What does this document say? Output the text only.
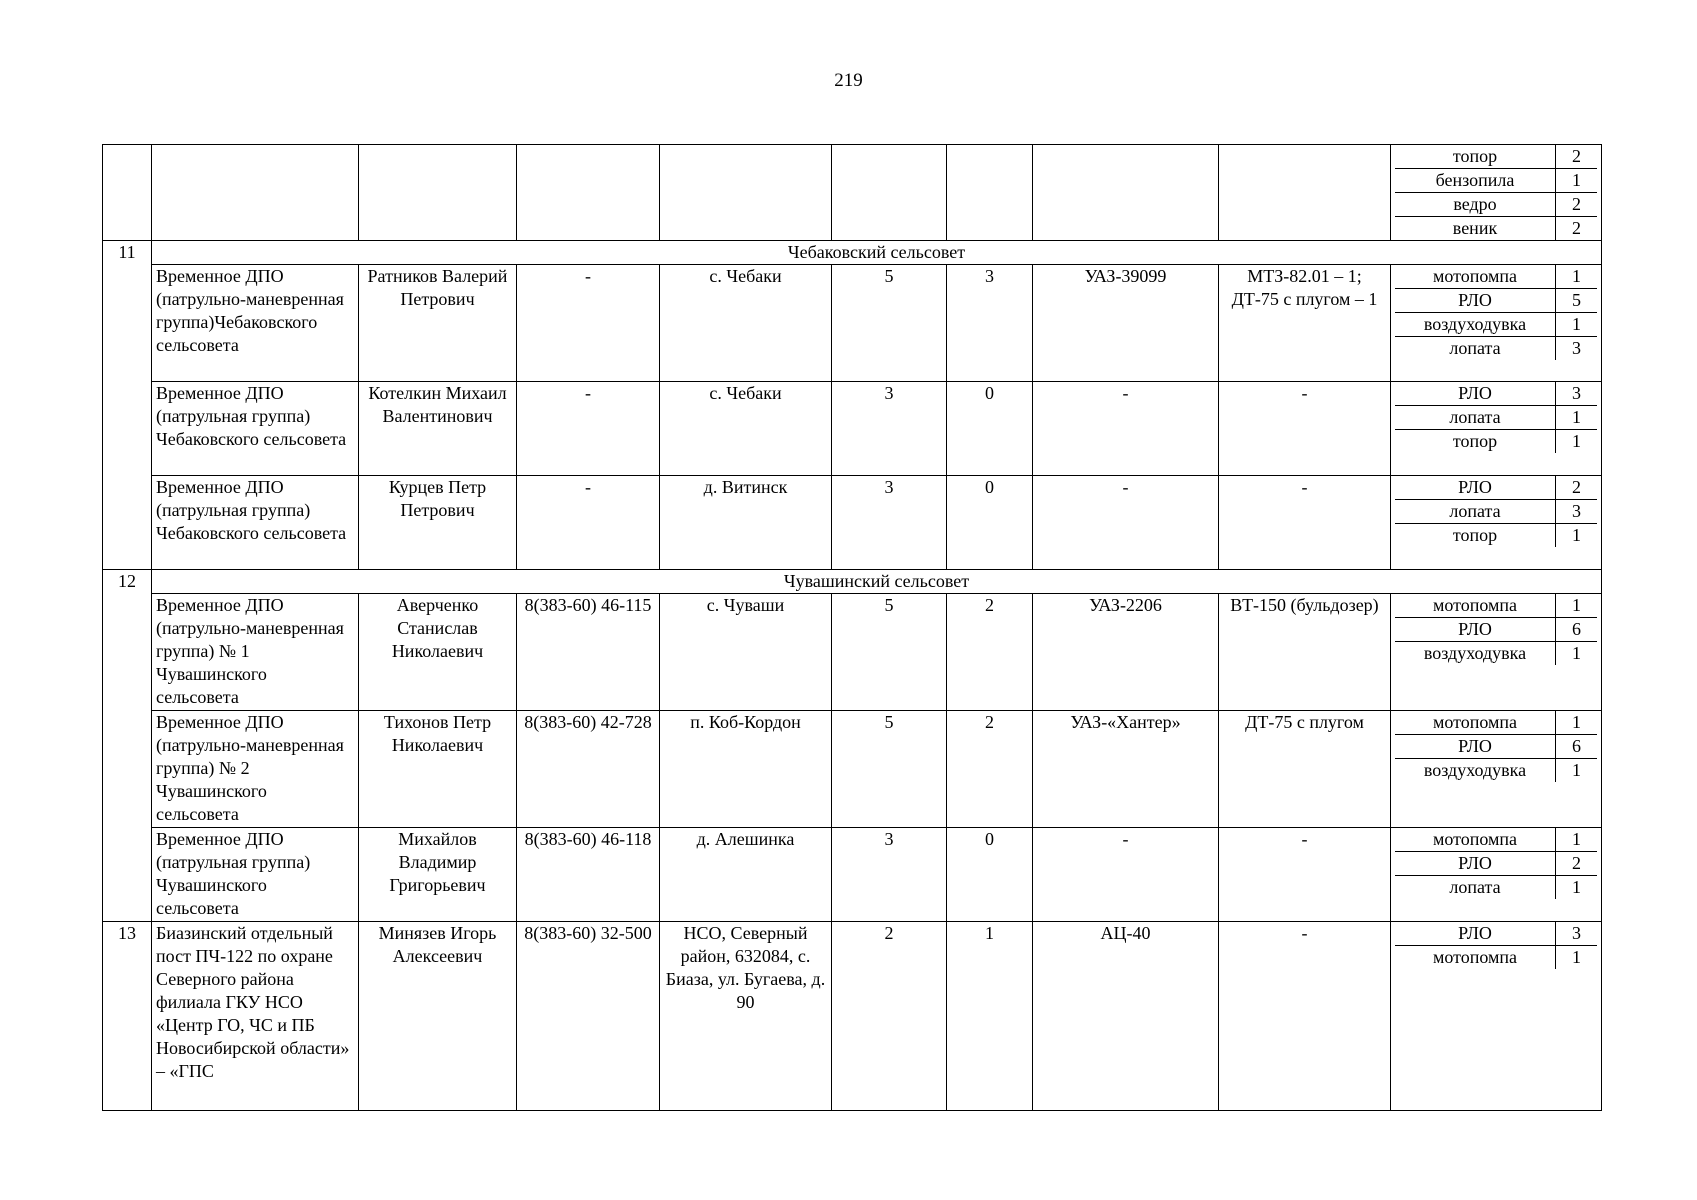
219

топор	2
бензопила	1
ведро	2
веник	2

11	Чебаковский сельсовет
Временное ДПО (патрульно-маневренная группа)Чебаковского сельсовета	Ратников Валерий Петрович	-	с. Чебаки	5	3	УАЗ-39099	МТЗ-82.01 – 1; ДТ-75 с плугом – 1	
мотопомпа	1
РЛО	5
воздуходувка	1
лопата	3

Временное ДПО (патрульная группа) Чебаковского сельсовета	Котелкин Михаил Валентинович	-	с. Чебаки	3	0	-	-		РЛО	3
лопата	1
топор	1

Временное ДПО (патрульная группа) Чебаковского сельсовета	Курцев Петр Петрович	-	д. Витинск	3	0	-	-		РЛО	2
лопата	3
топор	1

12	Чувашинский сельсовет
Временное ДПО (патрульно-маневренная группа) № 1 Чувашинского сельсовета	Аверченко Станислав Николаевич	8(383-60) 46-115	с. Чуваши	5	2	УАЗ-2206	ВТ-150 (бульдозер)		мотопомпа	1
РЛО	6
воздуходувка	1

Временное ДПО (патрульно-маневренная группа) № 2 Чувашинского сельсовета	Тихонов Петр Николаевич	8(383-60) 42-728	п. Коб-Кордон	5	2	УАЗ-«Хантер»	ДТ-75 с плугом		мотопомпа	1
РЛО	6
воздуходувка	1

Временное ДПО (патрульная группа) Чувашинского сельсовета	Михайлов Владимир Григорьевич	8(383-60) 46-118	д. Алешинка	3	0	-	-		мотопомпа	1
РЛО	2
лопата	1

13	Биазинский отдельный пост ПЧ-122 по охране Северного района филиала ГКУ НСО «Центр ГО, ЧС и ПБ Новосибирской области» – «ГПС	Минязев Игорь Алексеевич	8(383-60) 32-500	НСО, Северный район, 632084, с. Биаза, ул. Бугаева, д. 90	2	1	АЦ-40	-		РЛО	3
мотопомпа	1
